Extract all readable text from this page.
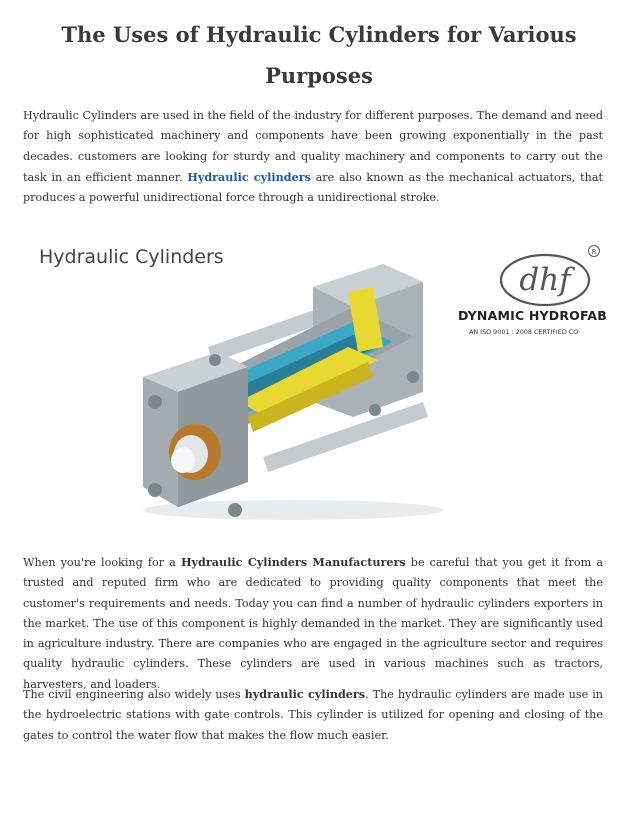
The Uses of Hydraulic Cylinders for Various Purposes

Hydraulic Cylinders are used in the field of the industry for different purposes. The demand and need for high sophisticated machinery and components have been growing exponentially in the past decades. customers are looking for sturdy and quality machinery and components to carry out the task in an efficient manner. Hydraulic cylinders are also known as the mechanical actuators, that produces a powerful unidirectional force through a unidirectional stroke.

Hydraulic Cylinders

dhf
R

DYNAMIC HYDROFAB

AN ISO 9001 : 2008 CERTIFIED CO

When you're looking for a Hydraulic Cylinders Manufacturers be careful that you get it from a trusted and reputed firm who are dedicated to providing quality components that meet the customer's requirements and needs. Today you can find a number of hydraulic cylinders exporters in the market. The use of this component is highly demanded in the market. They are significantly used in agriculture industry. There are companies who are engaged in the agriculture sector and requires quality hydraulic cylinders. These cylinders are used in various machines such as tractors, harvesters, and loaders.

The civil engineering also widely uses hydraulic cylinders. The hydraulic cylinders are made use in the hydroelectric stations with gate controls. This cylinder is utilized for opening and closing of the gates to control the water flow that makes the flow much easier.
